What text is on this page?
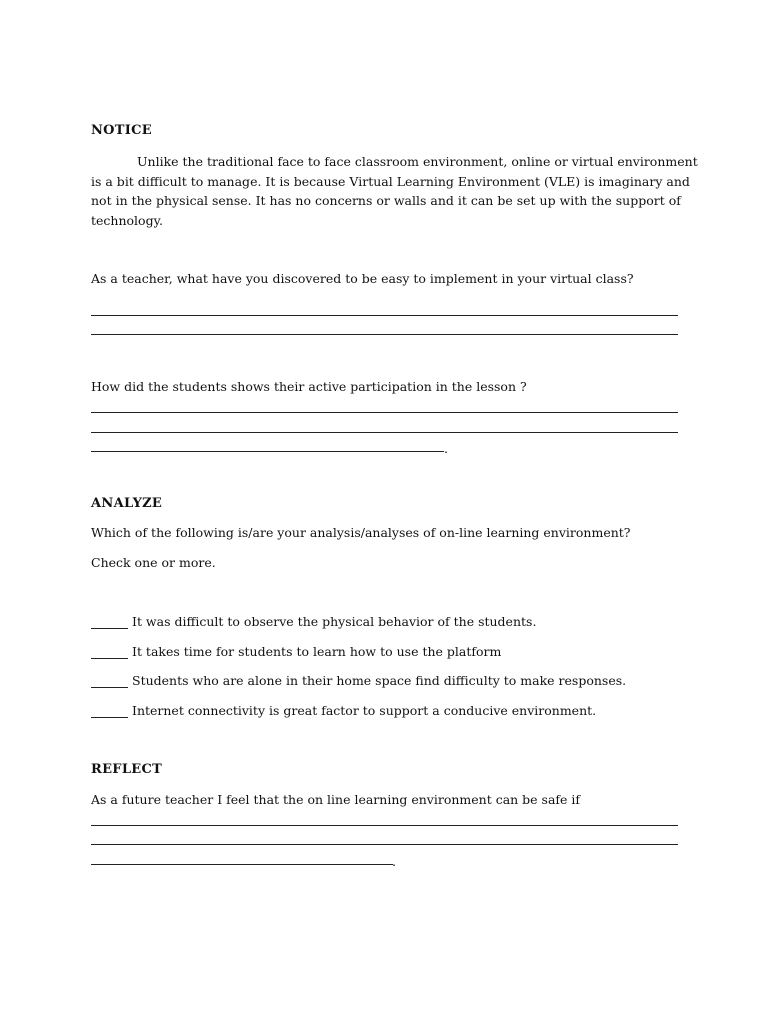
NOTICE
Unlike the traditional face to face classroom environment, online or virtual environment
is a bit difficult to manage. It is because Virtual Learning Environment (VLE) is imaginary and
not in the physical sense. It has no concerns or walls and it can be set up with the support of
technology.
As a teacher, what have you discovered to be easy to implement in your virtual class?
How did the students shows their active participation in the lesson ?
.
ANALYZE
Which of the following is/are your analysis/analyses of on-line learning environment?
Check one or more.
It was difficult to observe the physical behavior of the students.
It takes time for students to learn how to use the platform
Students who are alone in their home space find difficulty to make responses.
Internet connectivity is great factor to support a conducive environment.
REFLECT
As a future teacher I feel that the on line learning environment can be safe if
.
